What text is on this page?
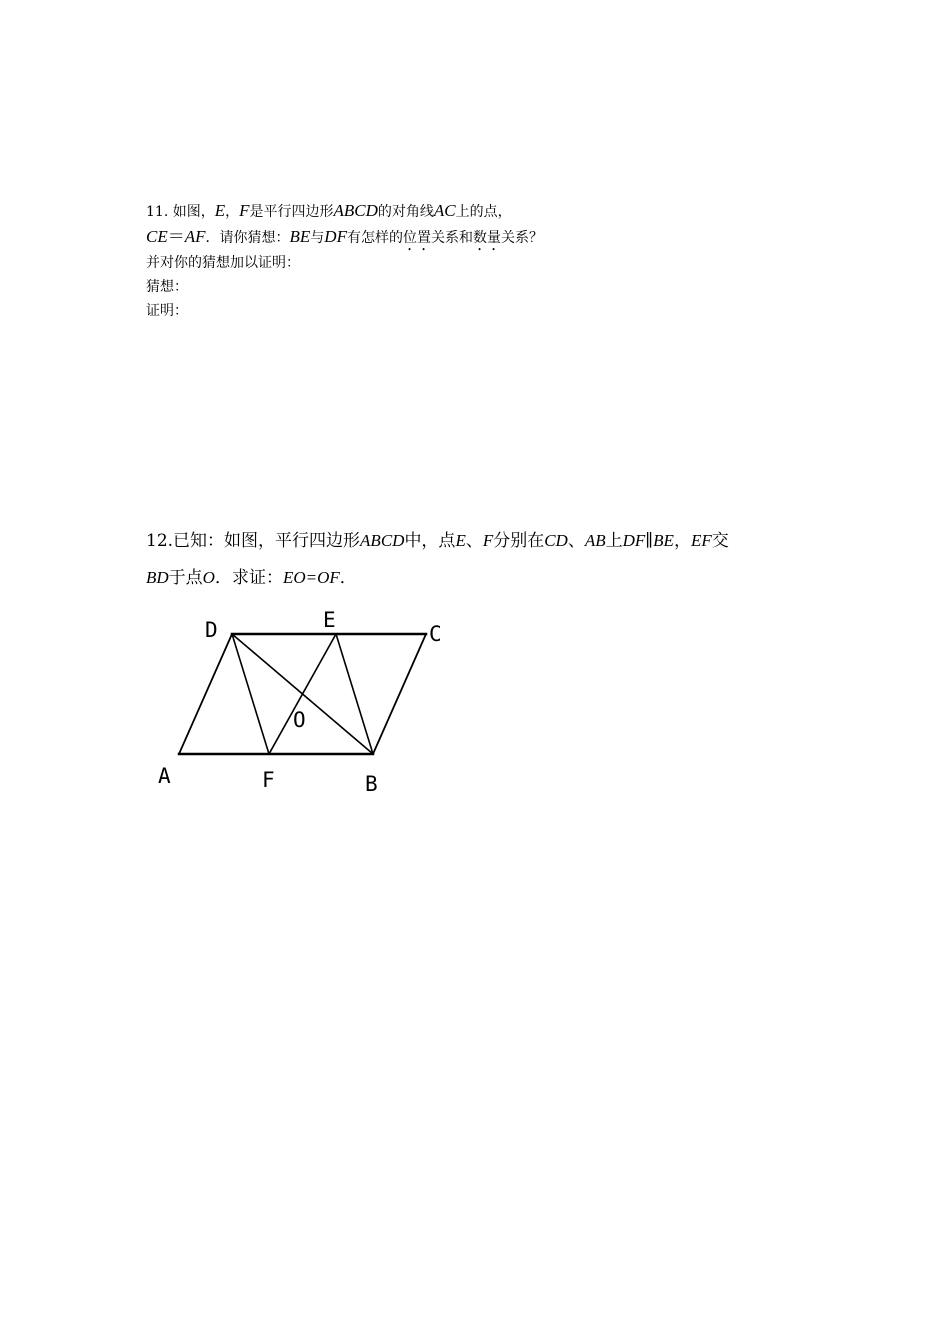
11. 如图，E，F是平行四边形ABCD的对角线AC上的点，
CE＝AF．请你猜想：BE与DF有怎样的位置关系和数量关系？
并对你的猜想加以证明：
猜想：
证明：
12.已知：如图，平行四边形ABCD中，点E、F分别在CD、AB上DF∥BE，EF交
BD于点O．求证：EO=OF．
D	E
C
O
A	F	B
